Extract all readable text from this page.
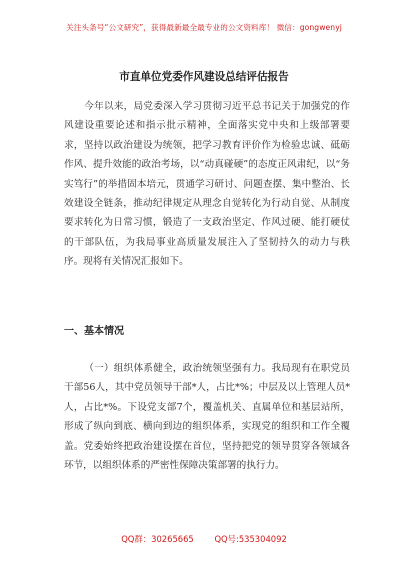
关注头条号“公文研究”，获得最新最全最专业的公文资料库！ 微信：gongwenyj
市直单位党委作风建设总结评估报告
今年以来，局党委深入学习贯彻习近平总书记关于加强党的作风建设重要论述和指示批示精神，全面落实党中央和上级部署要求，坚持以政治建设为统领，把学习教育评价作为检验忠诚、砥砺作风、提升效能的政治考场，以“动真碰硬”的态度正风肃纪，以“务实笃行”的举措固本培元，贯通学习研讨、问题查摆、集中整治、长效建设全链条，推动纪律规定从理念自觉转化为行动自觉、从制度要求转化为日常习惯，锻造了一支政治坚定、作风过硬、能打硬仗的干部队伍，为我局事业高质量发展注入了坚韧持久的动力与秩序。现将有关情况汇报如下。
一、基本情况
（一）组织体系健全，政治统领坚强有力。我局现有在职党员干部56人，其中党员领导干部*人，占比*%；中层及以上管理人员*人，占比*%。下设党支部7个，覆盖机关、直属单位和基层站所，形成了纵向到底、横向到边的组织体系，实现党的组织和工作全覆盖。党委始终把政治建设摆在首位，坚持把党的领导贯穿各领域各环节，以组织体系的严密性保障决策部署的执行力。
QQ群：30265665 QQ号:535304092
